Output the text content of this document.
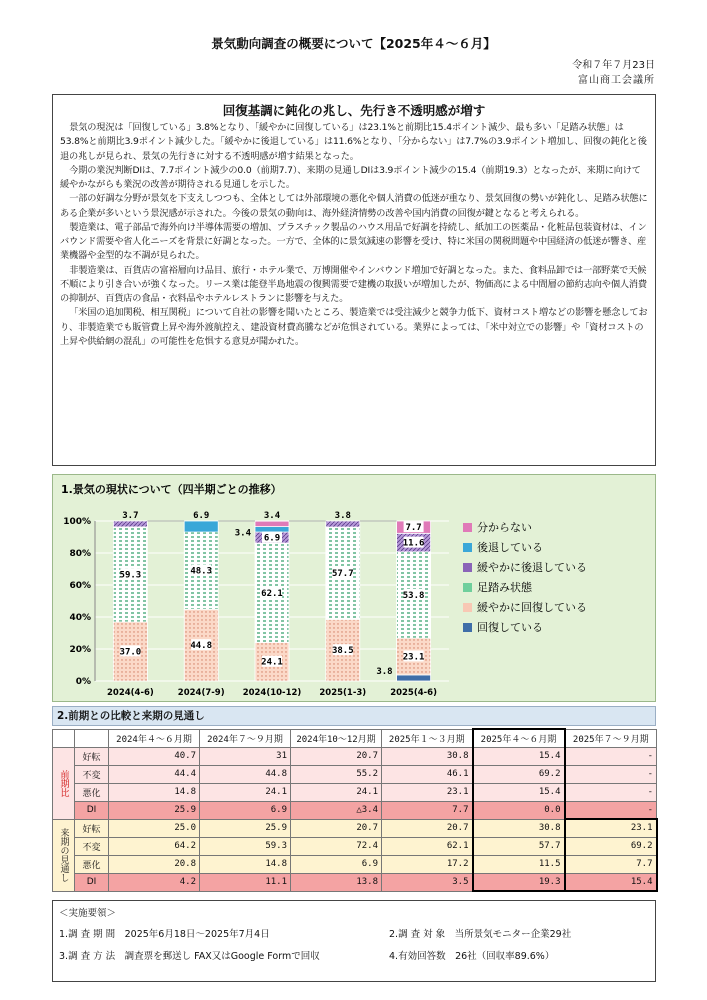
景気動向調査の概要について【2025年４～６月】
令和７年７月23日
富山商工会議所
回復基調に鈍化の兆し、先行き不透明感が増す

景気の現況は「回復している」3.8%となり、「緩やかに回復している」は23.1%と前期比15.4ポイント減少、最も多い「足踏み状態」は53.8%と前期比3.9ポイント減少した。「緩やかに後退している」は11.6%となり、「分からない」は7.7%の3.9ポイント増加し、回復の鈍化と後退の兆しが見られ、景気の先行きに対する不透明感が増す結果となった。

今期の業況判断DIは、7.7ポイント減少の0.0（前期7.7）、来期の見通しDIは3.9ポイント減少の15.4（前期19.3）となったが、来期に向けて緩やかながらも業況の改善が期待される見通しを示した。

一部の好調な分野が景気を下支えしつつも、全体としては外部環境の悪化や個人消費の低迷が重なり、景気回復の勢いが鈍化し、足踏み状態にある企業が多いという景況感が示された。今後の景気の動向は、海外経済情勢の改善や国内消費の回復が鍵となると考えられる。

製造業は、電子部品で海外向け半導体需要の増加、プラスチック製品のハウス用品で好調を持続し、紙加工の医薬品・化粧品包装資材は、インバウンド需要や省人化ニーズを背景に好調となった。一方で、全体的に景気減速の影響を受け、特に米国の関税問題や中国経済の低迷が響き、産業機器や金型的な不調が見られた。

非製造業は、百貨店の富裕層向け品目、旅行・ホテル業で、万博開催やインバウンド増加で好調となった。また、食料品卸では一部野菜で天候不順により引き合いが強くなった。リース業は能登半島地震の復興需要で建機の取扱いが増加したが、物価高による中間層の節約志向や個人消費の抑制が、百貨店の食品・衣料品やホテルレストランに影響を与えた。

「米国の追加関税、相互関税」について自社の影響を聞いたところ、製造業では受注減少と競争力低下、資材コスト増などの影響を懸念しており、非製造業でも販管費上昇や海外渡航控え、建設資材費高騰などが危惧されている。業界によっては、「米中対立での影響」や「資材コストの上昇や供給網の混乱」の可能性を危惧する意見が聞かれた。

1.景気の現状について（四半期ごとの推移）
0%
20%
40%
60%
80%
100%
2024(4-6)	2024(7-9) 2024(10-12) 2025(1-3)	2025(4-6)
37.0
59.3
3.7
44.8
48.3
6.9
24.1
62.1
6.9
3.4
3.4
38.5
57.7
3.8
3.8
23.1
53.8
11.6
7.7	分からない
後退している
緩やかに後退している
足踏み状態
緩やかに回復している
回復している
2.前期との比較と来期の見通し
		2024年４～６月期	2024年７～９月期	2024年10～12月期	2025年１～３月期	2025年４～６月期	2025年７～９月期
前期比	好転	40.7	31	20.7	30.8	15.4	-
	不変	44.4	44.8	55.2	46.1	69.2	-
	悪化	14.8	24.1	24.1	23.1	15.4	-
	DI	25.9	6.9	△3.4	7.7	0.0	-
来期の見通し	好転	25.0	25.9	20.7	20.7	30.8	23.1
	不変	64.2	59.3	72.4	62.1	57.7	69.2
	悪化	20.8	14.8	6.9	17.2	11.5	7.7
	DI	4.2	11.1	13.8	3.5	19.3	15.4
＜実施要領＞
1.調 査 期 間　2025年6月18日～2025年7月4日	2.調 査 対 象　当所景気モニター企業29社
3.調 査 方 法　調査票を郵送し FAX又はGoogle Formで回収	4.有効回答数　26社（回収率89.6%）
